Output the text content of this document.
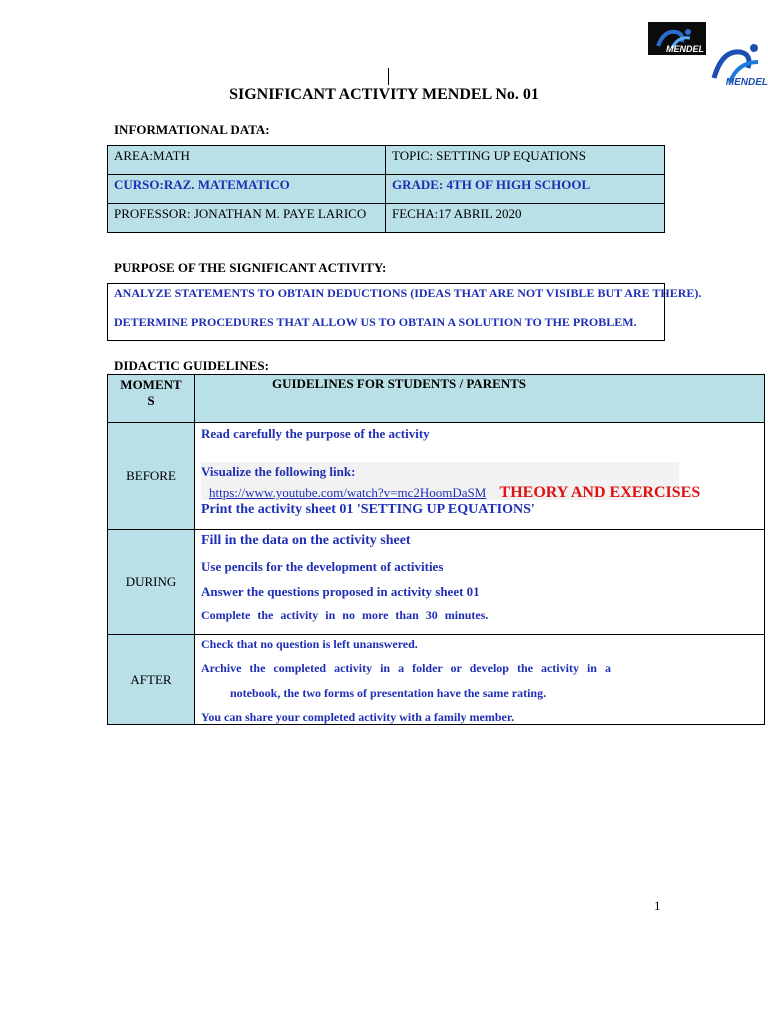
MENDEL
MENDEL
SIGNIFICANT ACTIVITY MENDEL No. 01
INFORMATIONAL DATA:
AREA:MATH	TOPIC: SETTING UP EQUATIONS
CURSO:RAZ. MATEMATICO	GRADE: 4TH OF HIGH SCHOOL
PROFESSOR: JONATHAN M. PAYE LARICO	FECHA:17 ABRIL 2020
PURPOSE OF THE SIGNIFICANT ACTIVITY:
ANALYZE STATEMENTS TO OBTAIN DEDUCTIONS (IDEAS THAT ARE NOT VISIBLE BUT ARE THERE).
DETERMINE PROCEDURES THAT ALLOW US TO OBTAIN A SOLUTION TO THE PROBLEM.
DIDACTIC GUIDELINES:
MOMENT S	GUIDELINES FOR STUDENTS / PARENTS
BEFORE	Read carefully the purpose of the activity
Visualize the following link:
https://www.youtube.com/watch?v=mc2HoomDaSM THEORY AND EXERCISES
Print the activity sheet 01 'SETTING UP EQUATIONS'

DURING	Fill in the data on the activity sheet
Use pencils for the development of activities
Answer the questions proposed in activity sheet 01
Complete the activity in no more than 30 minutes.

AFTER	Check that no question is left unanswered.
Archive the completed activity in a folder or develop the activity in a
notebook, the two forms of presentation have the same rating.
You can share your completed activity with a family member.
1
